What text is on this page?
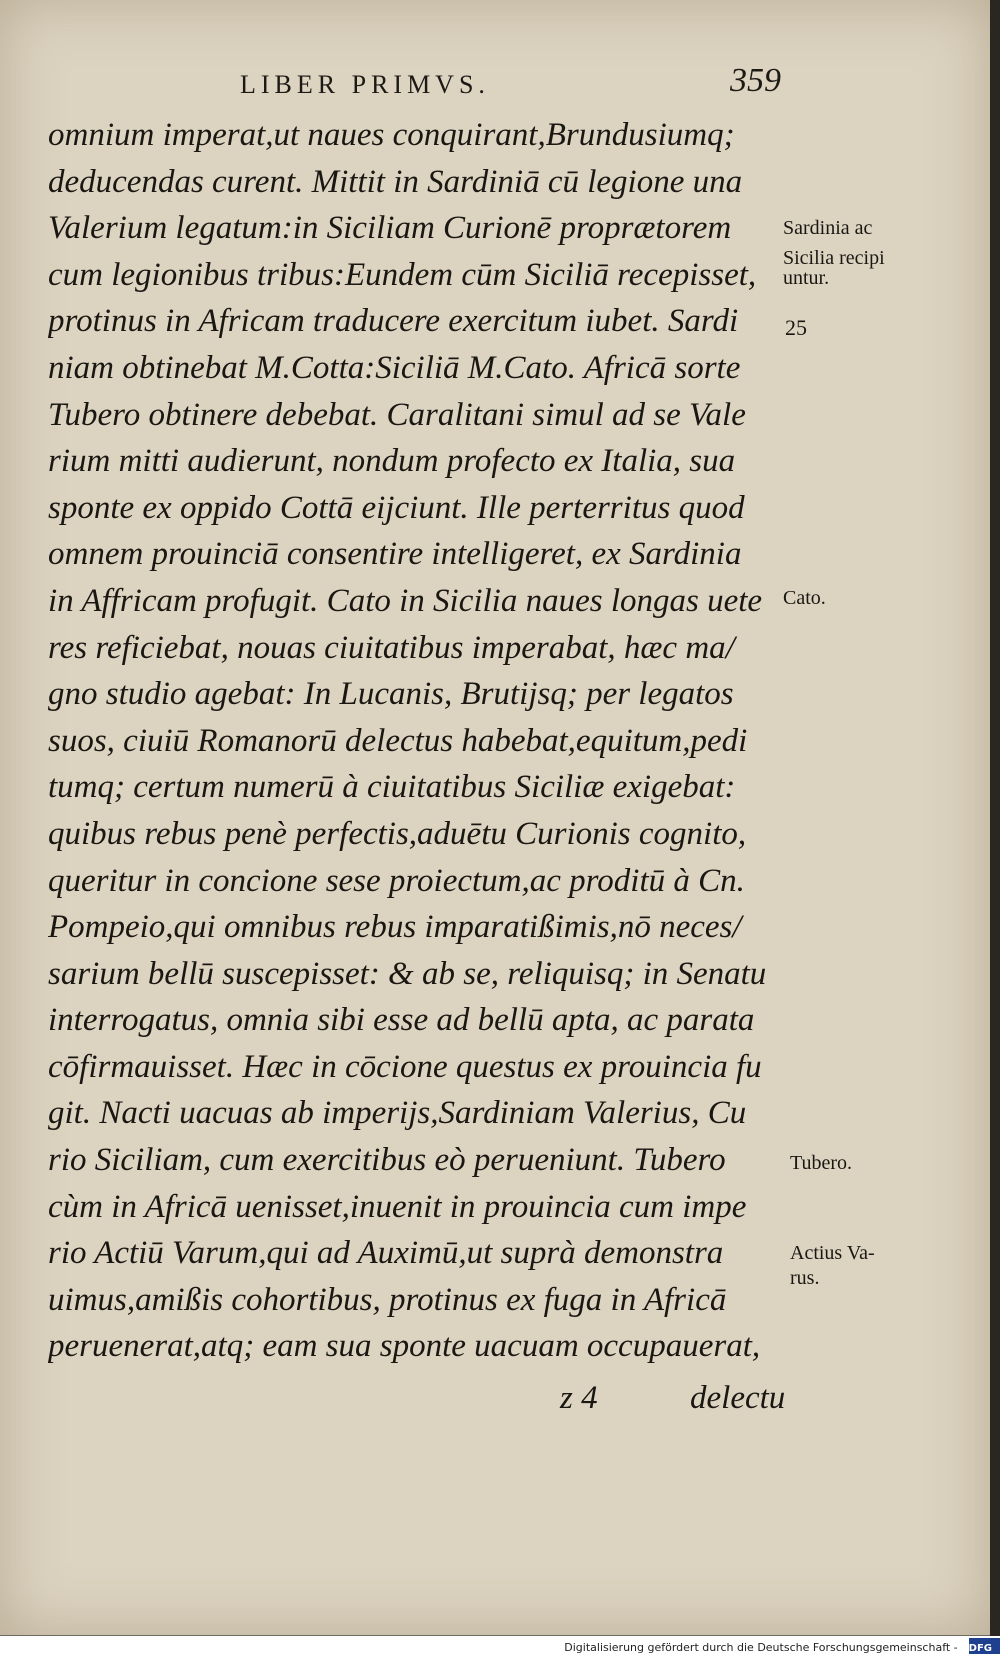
LIBER PRIMVS.	359
omnium imperat,ut naues conquirant,Brundusiumq;
deducendas curent. Mittit in Sardiniā cū legione una
Valerium legatum:in Siciliam Curionē proprætorem
cum legionibus tribus:Eundem cūm Siciliā recepisset,
protinus in Africam traducere exercitum iubet. Sardi
niam obtinebat M.Cotta:Siciliā M.Cato. Africā sorte
Tubero obtinere debebat. Caralitani simul ad se Vale
rium mitti audierunt, nondum profecto ex Italia, sua
sponte ex oppido Cottā eijciunt. Ille perterritus quod
omnem prouinciā consentire intelligeret, ex Sardinia
in Affricam profugit. Cato in Sicilia naues longas uete
res reficiebat, nouas ciuitatibus imperabat, hæc ma/
gno studio agebat: In Lucanis, Brutijsq; per legatos
suos, ciuiū Romanorū delectus habebat,equitum,pedi
tumq; certum numerū à ciuitatibus Siciliæ exigebat:
quibus rebus penè perfectis,aduētu Curionis cognito,
queritur in concione sese proiectum,ac proditū à Cn.
Pompeio,qui omnibus rebus imparatißimis,nō neces/
sarium bellū suscepisset: & ab se, reliquisq; in Senatu
interrogatus, omnia sibi esse ad bellū apta, ac parata
cōfirmauisset. Hæc in cōcione questus ex prouincia fu
git. Nacti uacuas ab imperijs,Sardiniam Valerius, Cu
rio Siciliam, cum exercitibus eò perueniunt. Tubero
cùm in Africā uenisset,inuenit in prouincia cum impe
rio Actiū Varum,qui ad Auximū,ut suprà demonstra
uimus,amißis cohortibus, protinus ex fuga in Africā
peruenerat,atq; eam sua sponte uacuam occupauerat,
Sardinia ac
Sicilia recipi
untur.
25
Cato.
Tubero.
Actius Va-
rus.
z 4	delectu
Digitalisierung gefördert durch die Deutsche Forschungsgemeinschaft - DFG
